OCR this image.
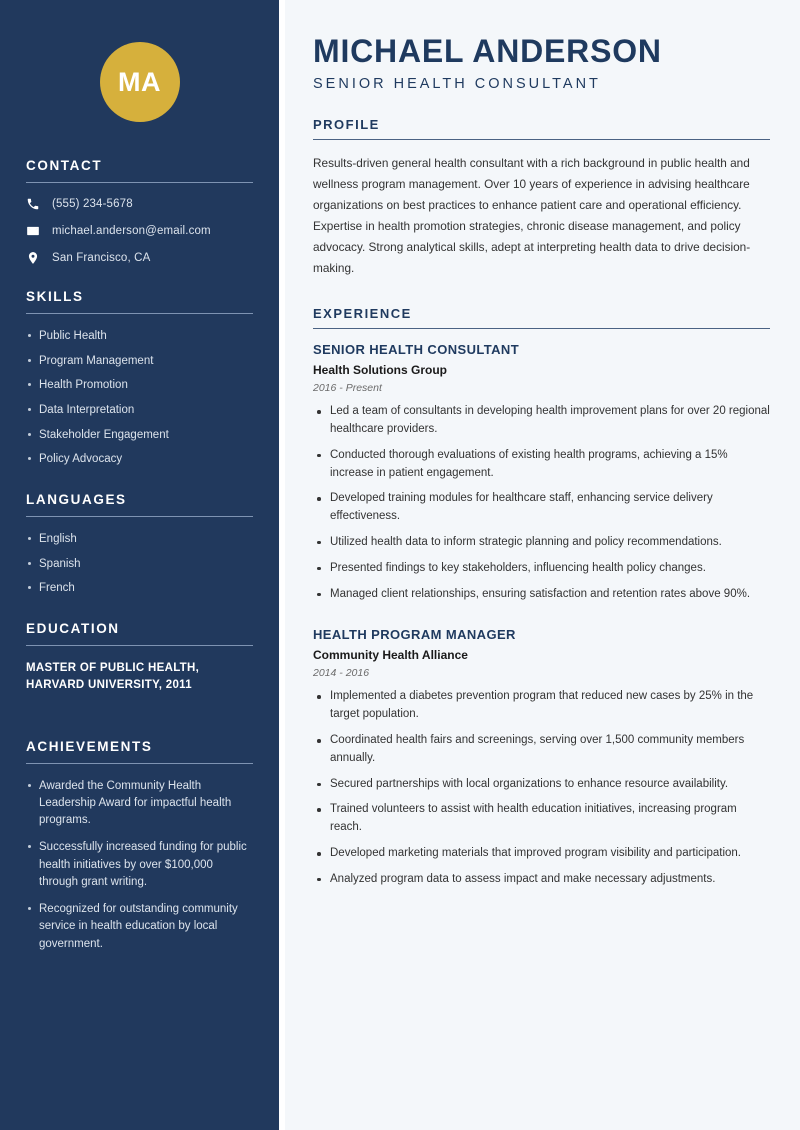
MA
CONTACT
(555) 234-5678
michael.anderson@email.com
San Francisco, CA
SKILLS
Public Health
Program Management
Health Promotion
Data Interpretation
Stakeholder Engagement
Policy Advocacy
LANGUAGES
English
Spanish
French
EDUCATION
MASTER OF PUBLIC HEALTH, HARVARD UNIVERSITY, 2011
ACHIEVEMENTS
Awarded the Community Health Leadership Award for impactful health programs.
Successfully increased funding for public health initiatives by over $100,000 through grant writing.
Recognized for outstanding community service in health education by local government.
MICHAEL ANDERSON
SENIOR HEALTH CONSULTANT
PROFILE

Results-driven general health consultant with a rich background in public health and wellness program management. Over 10 years of experience in advising healthcare organizations on best practices to enhance patient care and operational efficiency. Expertise in health promotion strategies, chronic disease management, and policy advocacy. Strong analytical skills, adept at interpreting health data to drive decision-making.

EXPERIENCE
SENIOR HEALTH CONSULTANT
Health Solutions Group
2016 - Present
Led a team of consultants in developing health improvement plans for over 20 regional healthcare providers.
Conducted thorough evaluations of existing health programs, achieving a 15% increase in patient engagement.
Developed training modules for healthcare staff, enhancing service delivery effectiveness.
Utilized health data to inform strategic planning and policy recommendations.
Presented findings to key stakeholders, influencing health policy changes.
Managed client relationships, ensuring satisfaction and retention rates above 90%.
HEALTH PROGRAM MANAGER
Community Health Alliance
2014 - 2016
Implemented a diabetes prevention program that reduced new cases by 25% in the target population.
Coordinated health fairs and screenings, serving over 1,500 community members annually.
Secured partnerships with local organizations to enhance resource availability.
Trained volunteers to assist with health education initiatives, increasing program reach.
Developed marketing materials that improved program visibility and participation.
Analyzed program data to assess impact and make necessary adjustments.
